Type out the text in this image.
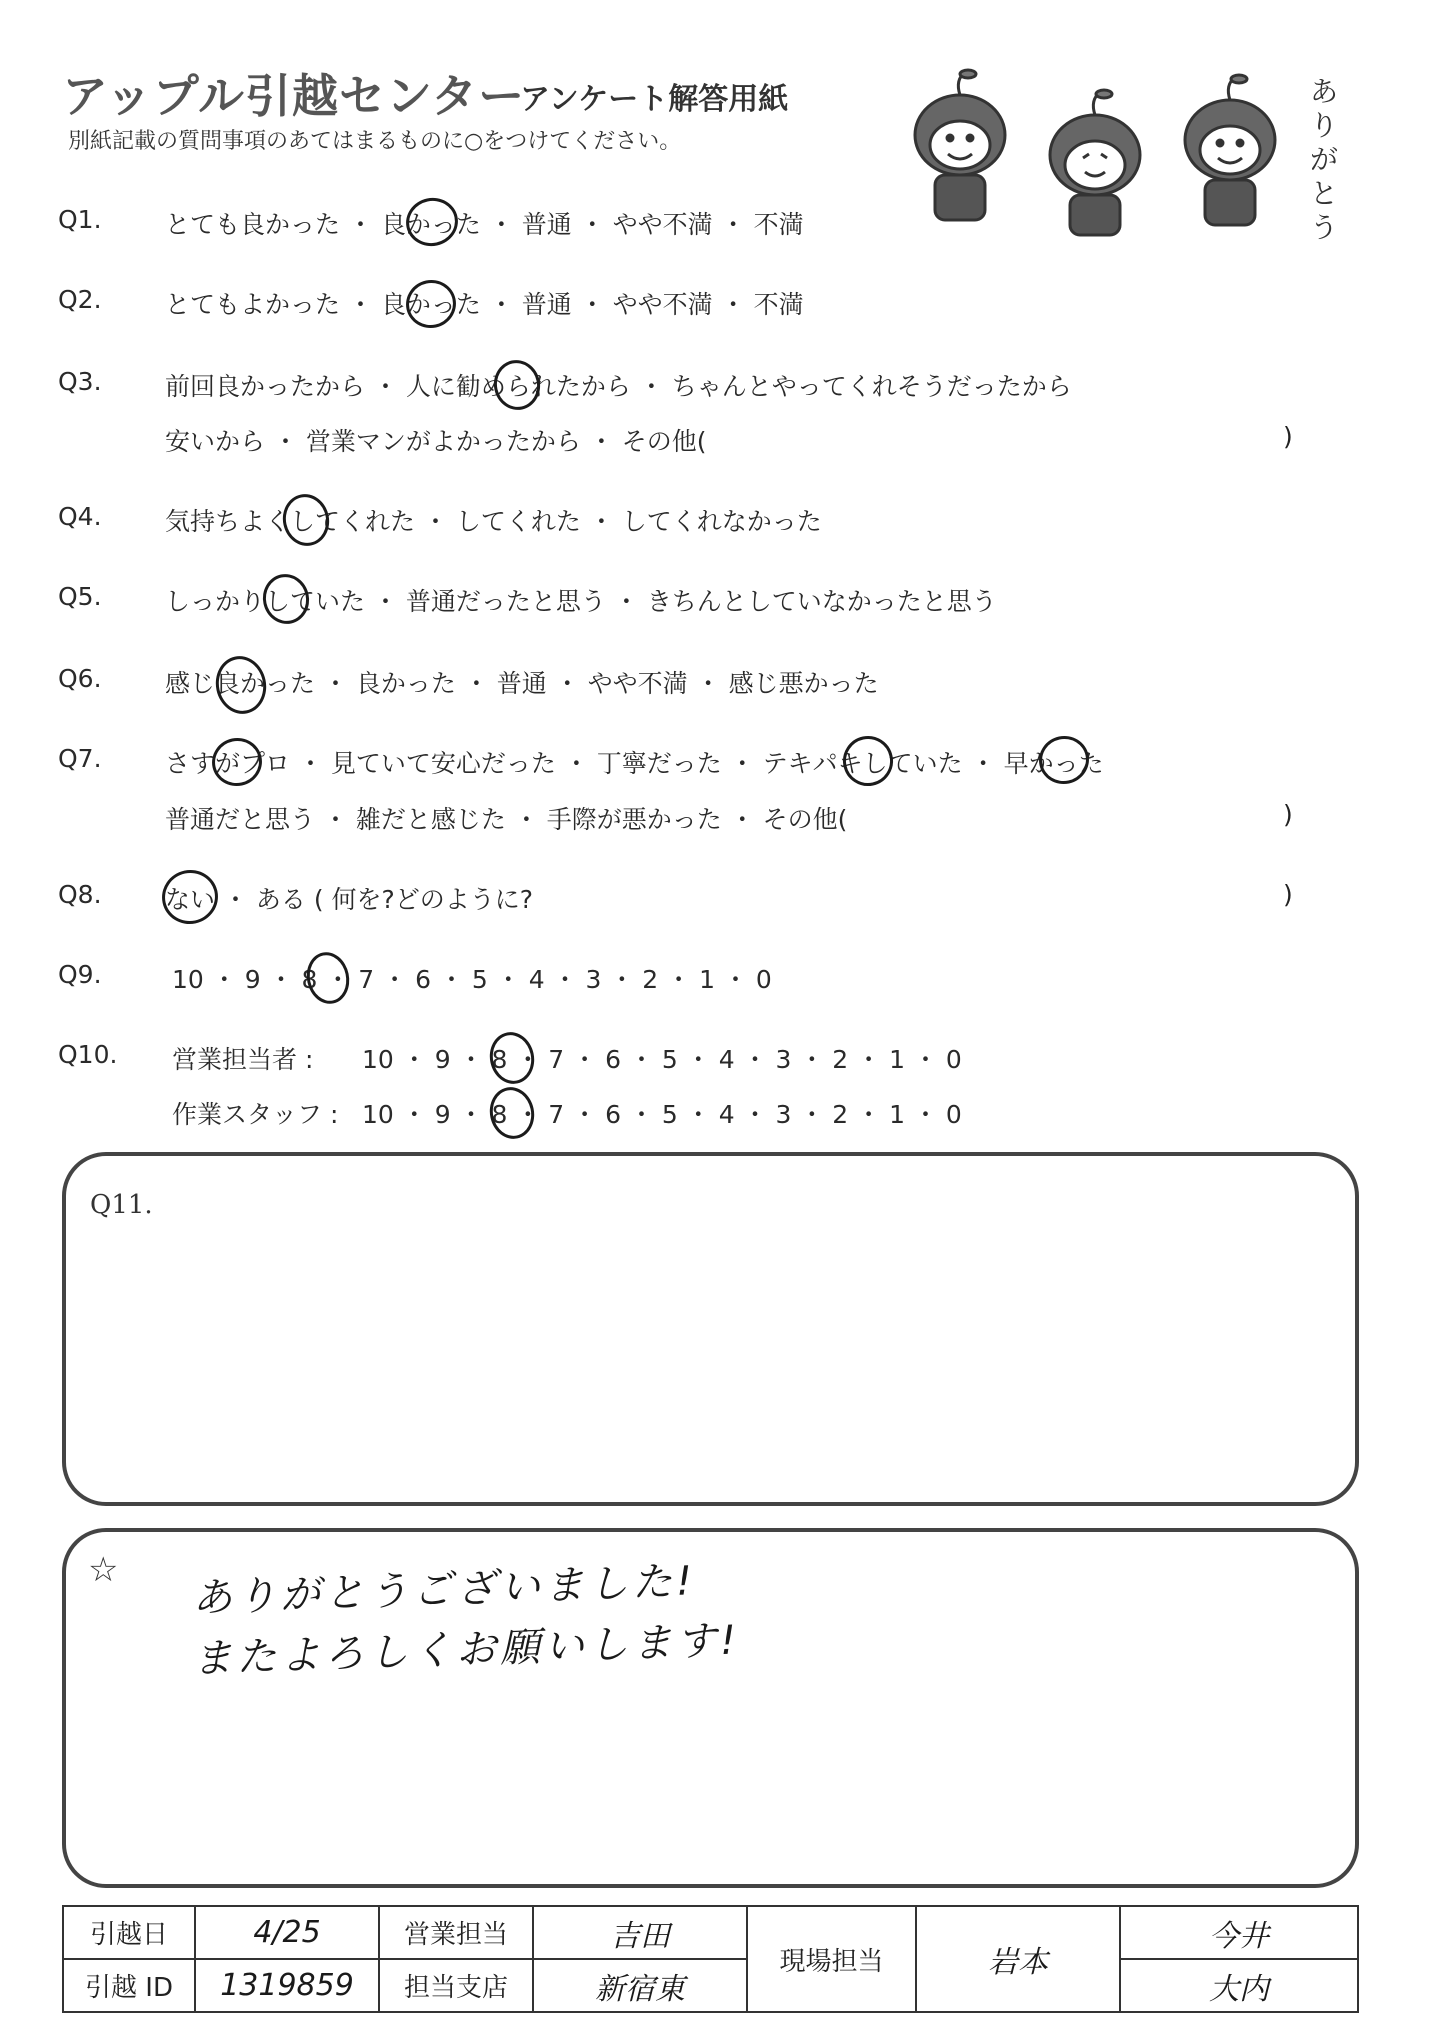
アップル引越センター
アンケート解答用紙
別紙記載の質問事項のあてはまるものに○をつけてください。
ありがとう
Q1.	とても良かった ・ 良かった ・ 普通 ・ やや不満 ・ 不満
Q2.	とてもよかった ・ 良かった ・ 普通 ・ やや不満 ・ 不満
Q3.	前回良かったから ・ 人に勧められたから ・ ちゃんとやってくれそうだったから
安いから ・ 営業マンがよかったから ・ その他(	)
Q4.	気持ちよくしてくれた ・ してくれた ・ してくれなかった
Q5.	しっかりしていた ・ 普通だったと思う ・ きちんとしていなかったと思う
Q6.	感じ良かった ・ 良かった ・ 普通 ・ やや不満 ・ 感じ悪かった
Q7.	さすがプロ ・ 見ていて安心だった ・ 丁寧だった ・ テキパキしていた ・ 早かった
普通だと思う ・ 雑だと感じた ・ 手際が悪かった ・ その他(	)
Q8.	ない ・ ある ( 何を?どのように?	)
Q9.	10 ・ 9 ・ 8 ・ 7 ・ 6 ・ 5 ・ 4 ・ 3 ・ 2 ・ 1 ・ 0
Q10. 営業担当者 : 10 ・ 9 ・ 8 ・ 7 ・ 6 ・ 5 ・ 4 ・ 3 ・ 2 ・ 1 ・ 0
作業スタッフ : 10 ・ 9 ・ 8 ・ 7 ・ 6 ・ 5 ・ 4 ・ 3 ・ 2 ・ 1 ・ 0
Q11.
☆ ありがとうございました!
またよろしくお願いします!
引越日	4/25	営業担当	吉田	現場担当	岩本	今井
引越 ID	1319859	担当支店	新宿東			大内
